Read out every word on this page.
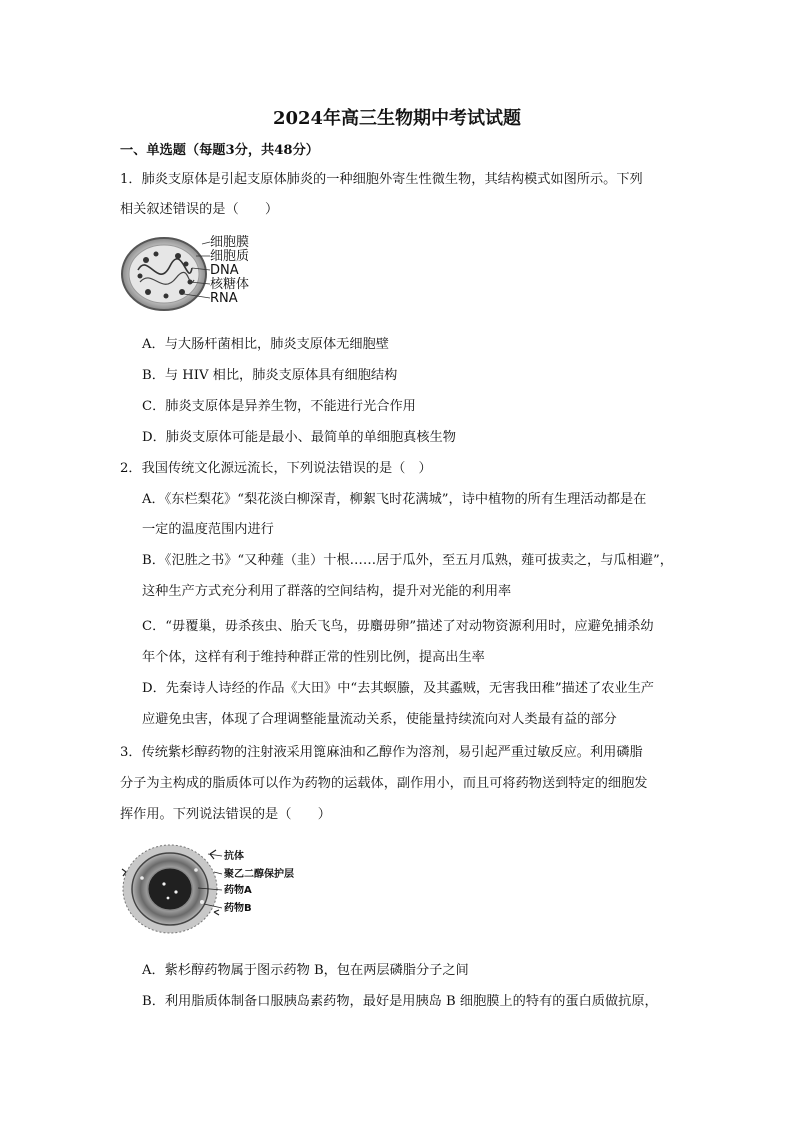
2024年高三生物期中考试试题
一、单选题（每题3分，共48分）
1．肺炎支原体是引起支原体肺炎的一种细胞外寄生性微生物，其结构模式如图所示。下列
相关叙述错误的是（　　）
细胞膜
细胞质
DNA
核糖体
RNA
A．与大肠杆菌相比，肺炎支原体无细胞壁
B．与 HIV 相比，肺炎支原体具有细胞结构
C．肺炎支原体是异养生物，不能进行光合作用
D．肺炎支原体可能是最小、最简单的单细胞真核生物
2．我国传统文化源远流长，下列说法错误的是（　）
A．《东栏梨花》“梨花淡白柳深青，柳絮飞时花满城”，诗中植物的所有生理活动都是在
一定的温度范围内进行
B．《氾胜之书》“又种薤（韭）十根……居于瓜外，至五月瓜熟，薤可拔卖之，与瓜相避”，
这种生产方式充分利用了群落的空间结构，提升对光能的利用率
C．“毋覆巢，毋杀孩虫、胎夭飞鸟，毋麛毋卵”描述了对动物资源利用时，应避免捕杀幼
年个体，这样有利于维持种群正常的性别比例，提高出生率
D．先秦诗人诗经的作品《大田》中“去其螟螣，及其蟊贼，无害我田稚”描述了农业生产
应避免虫害，体现了合理调整能量流动关系，使能量持续流向对人类最有益的部分
3．传统紫杉醇药物的注射液采用篦麻油和乙醇作为溶剂，易引起严重过敏反应。利用磷脂
分子为主构成的脂质体可以作为药物的运载体，副作用小，而且可将药物送到特定的细胞发
挥作用。下列说法错误的是（　　）
抗体
聚乙二醇保护层
药物A
药物B
A．紫杉醇药物属于图示药物 B，包在两层磷脂分子之间
B．利用脂质体制备口服胰岛素药物，最好是用胰岛 B 细胞膜上的特有的蛋白质做抗原，
